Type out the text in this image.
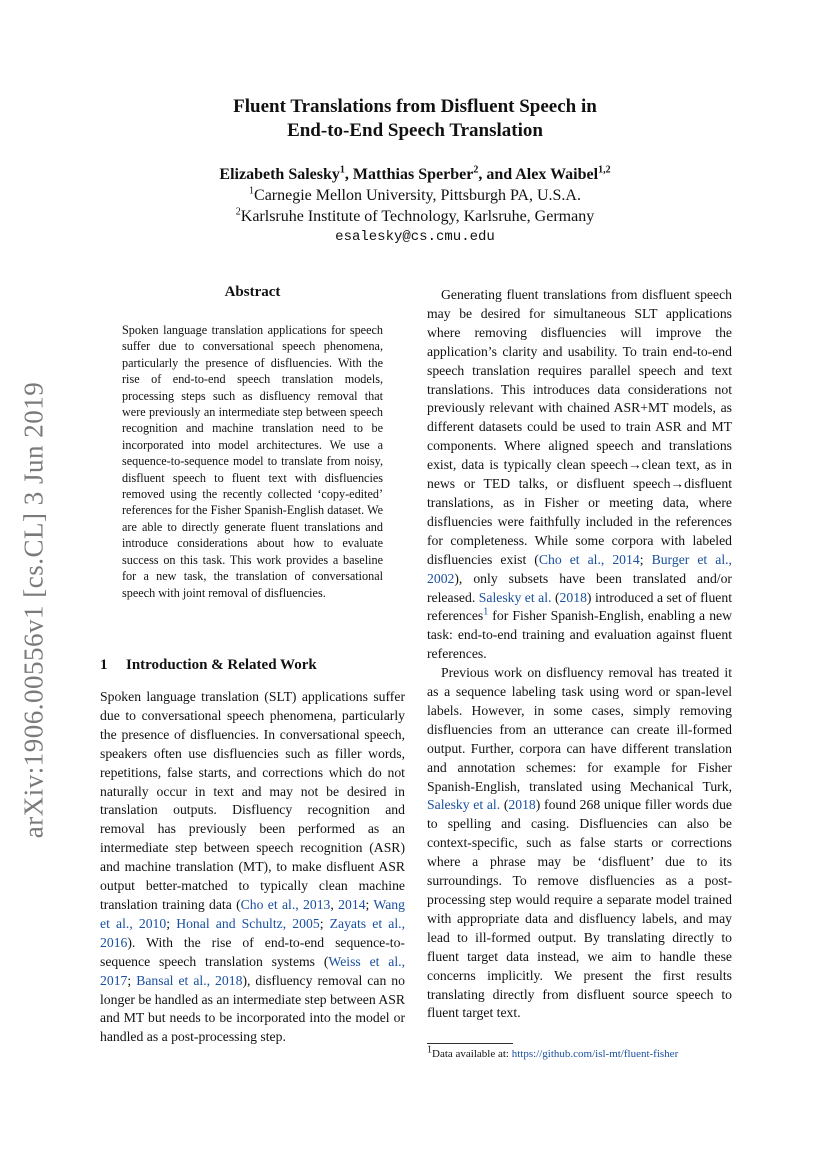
arXiv:1906.00556v1 [cs.CL] 3 Jun 2019
Fluent Translations from Disfluent Speech in
End-to-End Speech Translation
Elizabeth Salesky$^1$, Matthias Sperber$^2$, and Alex Waibel$^{1,2}$
$^1$Carnegie Mellon University, Pittsburgh PA, U.S.A.
$^2$Karlsruhe Institute of Technology, Karlsruhe, Germany
esalesky@cs.cmu.edu
Abstract
Spoken language translation applications for speech suffer due to conversational speech phenomena, particularly the presence of disfluencies. With the rise of end-to-end speech translation models, processing steps such as disfluency removal that were previously an intermediate step between speech recognition and machine translation need to be incorporated into model architectures. We use a sequence-to-sequence model to translate from noisy, disfluent speech to fluent text with disfluencies removed using the recently collected ‘copy-edited’ references for the Fisher Spanish-English dataset. We are able to directly generate fluent translations and introduce considerations about how to evaluate success on this task. This work provides a baseline for a new task, the translation of conversational speech with joint removal of disfluencies.
1 Introduction & Related Work

Spoken language translation (SLT) applications suffer due to conversational speech phenomena, particularly the presence of disfluencies. In conversational speech, speakers often use disfluencies such as filler words, repetitions, false starts, and corrections which do not naturally occur in text and may not be desired in translation outputs. Disfluency recognition and removal has previously been performed as an intermediate step between speech recognition (ASR) and machine translation (MT), to make disfluent ASR output better-matched to typically clean machine translation training data (Cho et al., 2013, 2014; Wang et al., 2010; Honal and Schultz, 2005; Zayats et al., 2016). With the rise of end-to-end sequence-to-sequence speech translation systems (Weiss et al., 2017; Bansal et al., 2018), disfluency removal can no longer be handled as an intermediate step between ASR and MT but needs to be incorporated into the model or handled as a post-processing step.

Generating fluent translations from disfluent speech may be desired for simultaneous SLT applications where removing disfluencies will improve the application’s clarity and usability. To train end-to-end speech translation requires parallel speech and text translations. This introduces data considerations not previously relevant with chained ASR+MT models, as different datasets could be used to train ASR and MT components. Where aligned speech and translations exist, data is typically clean speech→clean text, as in news or TED talks, or disfluent speech→disfluent translations, as in Fisher or meeting data, where disfluencies were faithfully included in the references for completeness. While some corpora with labeled disfluencies exist (Cho et al., 2014; Burger et al., 2002), only subsets have been translated and/or released. Salesky et al. (2018) introduced a set of fluent references$^1$ for Fisher Spanish-English, enabling a new task: end-to-end training and evaluation against fluent references.

Previous work on disfluency removal has treated it as a sequence labeling task using word or span-level labels. However, in some cases, simply removing disfluencies from an utterance can create ill-formed output. Further, corpora can have different translation and annotation schemes: for example for Fisher Spanish-English, translated using Mechanical Turk, Salesky et al. (2018) found 268 unique filler words due to spelling and casing. Disfluencies can also be context-specific, such as false starts or corrections where a phrase may be ‘disfluent’ due to its surroundings. To remove disfluencies as a post-processing step would require a separate model trained with appropriate data and disfluency labels, and may lead to ill-formed output. By translating directly to fluent target data instead, we aim to handle these concerns implicitly. We present the first results translating directly from disfluent source speech to fluent target text.

$^1$Data available at: https://github.com/isl-mt/fluent-fisher
